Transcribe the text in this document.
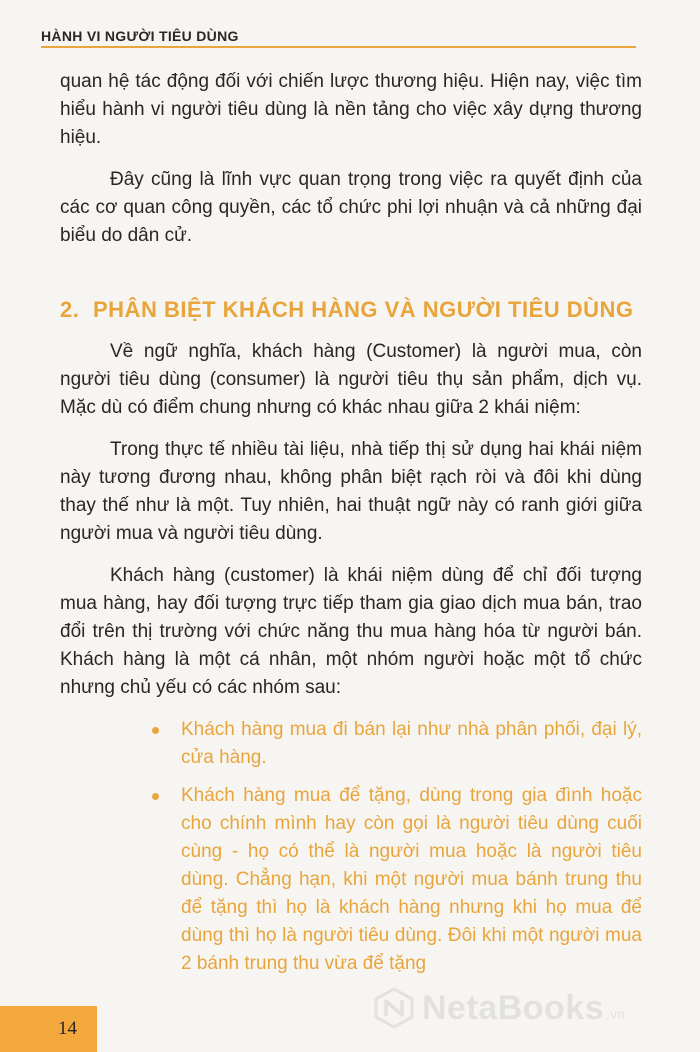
HÀNH VI NGƯỜI TIÊU DÙNG

quan hệ tác động đối với chiến lược thương hiệu. Hiện nay, việc tìm hiểu hành vi người tiêu dùng là nền tảng cho việc xây dựng thương hiệu.

Đây cũng là lĩnh vực quan trọng trong việc ra quyết định của các cơ quan công quyền, các tổ chức phi lợi nhuận và cả những đại biểu do dân cử.

2. PHÂN BIỆT KHÁCH HÀNG VÀ NGƯỜI TIÊU DÙNG

Về ngữ nghĩa, khách hàng (Customer) là người mua, còn người tiêu dùng (consumer) là người tiêu thụ sản phẩm, dịch vụ. Mặc dù có điểm chung nhưng có khác nhau giữa 2 khái niệm:

Trong thực tế nhiều tài liệu, nhà tiếp thị sử dụng hai khái niệm này tương đương nhau, không phân biệt rạch ròi và đôi khi dùng thay thế như là một. Tuy nhiên, hai thuật ngữ này có ranh giới giữa người mua và người tiêu dùng.

Khách hàng (customer) là khái niệm dùng để chỉ đối tượng mua hàng, hay đối tượng trực tiếp tham gia giao dịch mua bán, trao đổi trên thị trường với chức năng thu mua hàng hóa từ người bán. Khách hàng là một cá nhân, một nhóm người hoặc một tổ chức nhưng chủ yếu có các nhóm sau:

Khách hàng mua đi bán lại như nhà phân phối, đại lý, cửa hàng.
Khách hàng mua để tặng, dùng trong gia đình hoặc cho chính mình hay còn gọi là người tiêu dùng cuối cùng - họ có thể là người mua hoặc là người tiêu dùng. Chẳng hạn, khi một người mua bánh trung thu để tặng thì họ là khách hàng nhưng khi họ mua để dùng thì họ là người tiêu dùng. Đôi khi một người mua 2 bánh trung thu vừa để tặng
14
NetaBooks .vn
